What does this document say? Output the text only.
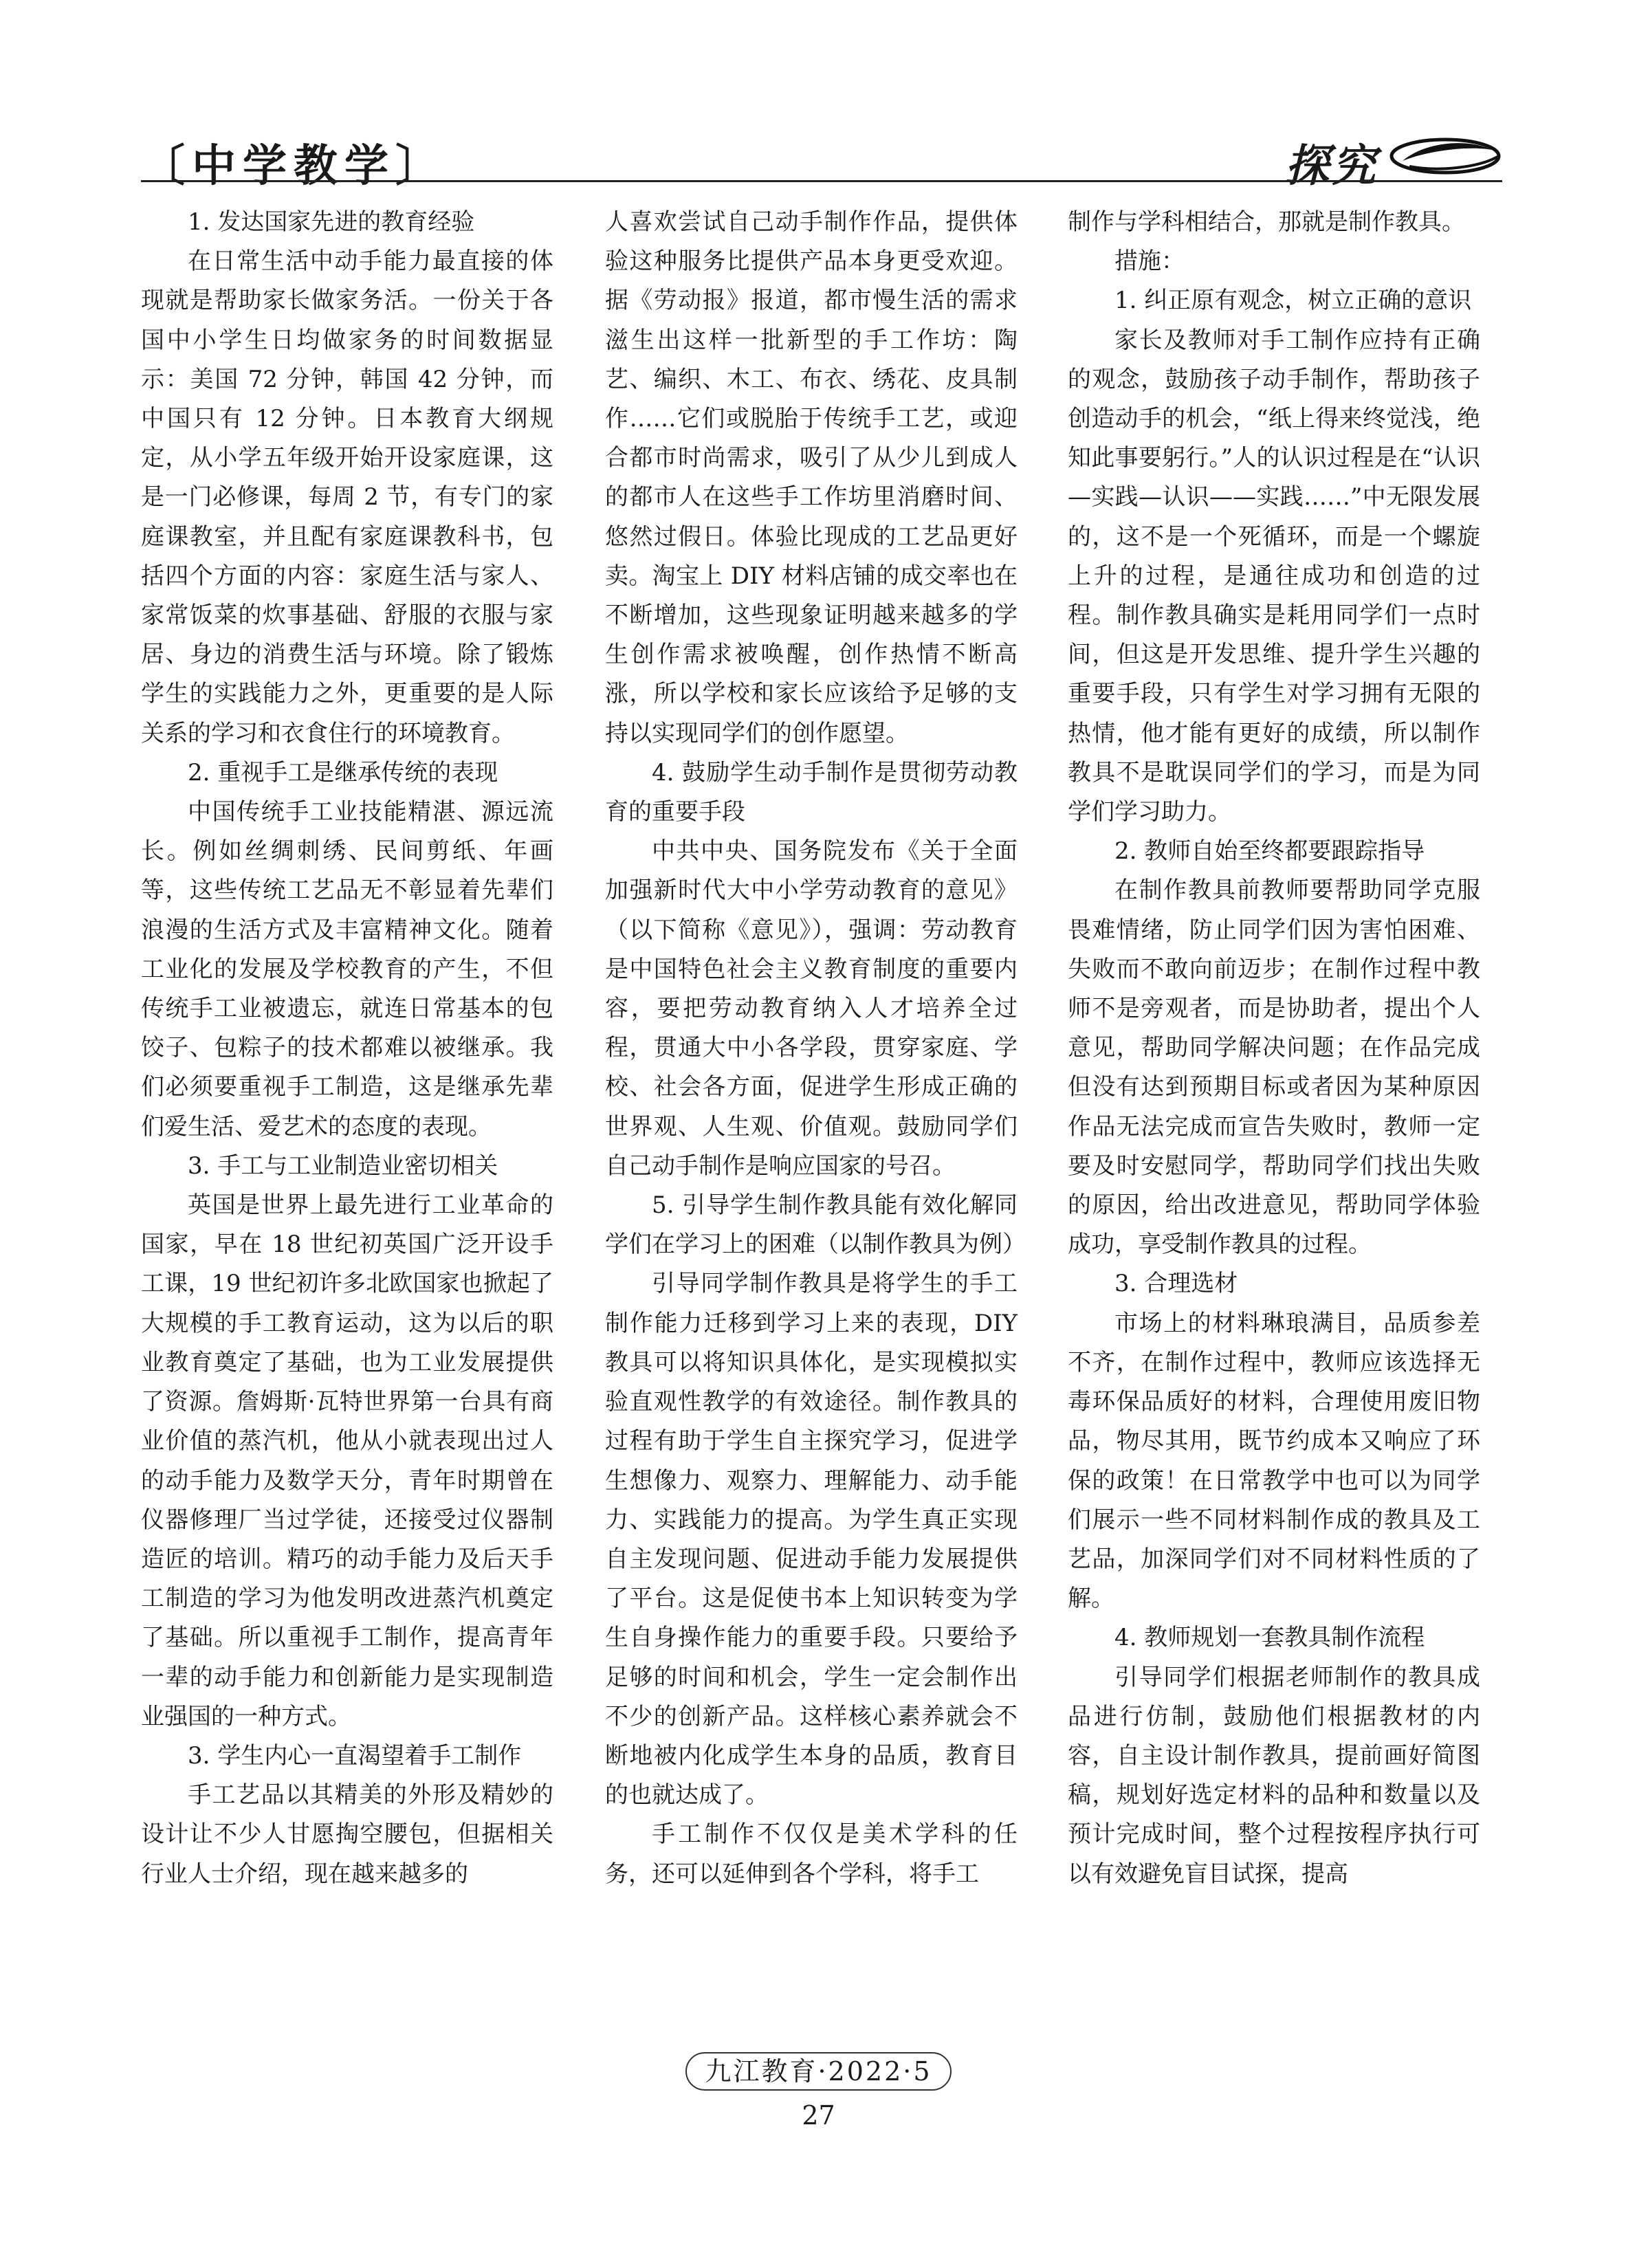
〔中学教学〕	探究

1. 发达国家先进的教育经验

在日常生活中动手能力最直接的体现就是帮助家长做家务活。一份关于各国中小学生日均做家务的时间数据显示：美国 72 分钟，韩国 42 分钟，而中国只有 12 分钟。日本教育大纲规定，从小学五年级开始开设家庭课，这是一门必修课，每周 2 节，有专门的家庭课教室，并且配有家庭课教科书，包括四个方面的内容：家庭生活与家人、家常饭菜的炊事基础、舒服的衣服与家居、身边的消费生活与环境。除了锻炼学生的实践能力之外，更重要的是人际关系的学习和衣食住行的环境教育。

2. 重视手工是继承传统的表现

中国传统手工业技能精湛、源远流长。例如丝绸刺绣、民间剪纸、年画等，这些传统工艺品无不彰显着先辈们浪漫的生活方式及丰富精神文化。随着工业化的发展及学校教育的产生，不但传统手工业被遗忘，就连日常基本的包饺子、包粽子的技术都难以被继承。我们必须要重视手工制造，这是继承先辈们爱生活、爱艺术的态度的表现。

3. 手工与工业制造业密切相关

英国是世界上最先进行工业革命的国家，早在 18 世纪初英国广泛开设手工课，19 世纪初许多北欧国家也掀起了大规模的手工教育运动，这为以后的职业教育奠定了基础，也为工业发展提供了资源。詹姆斯·瓦特世界第一台具有商业价值的蒸汽机，他从小就表现出过人的动手能力及数学天分，青年时期曾在仪器修理厂当过学徒，还接受过仪器制造匠的培训。精巧的动手能力及后天手工制造的学习为他发明改进蒸汽机奠定了基础。所以重视手工制作，提高青年一辈的动手能力和创新能力是实现制造业强国的一种方式。

3. 学生内心一直渴望着手工制作

手工艺品以其精美的外形及精妙的设计让不少人甘愿掏空腰包，但据相关行业人士介绍，现在越来越多的

人喜欢尝试自己动手制作作品，提供体验这种服务比提供产品本身更受欢迎。据《劳动报》报道，都市慢生活的需求滋生出这样一批新型的手工作坊：陶艺、编织、木工、布衣、绣花、皮具制作……它们或脱胎于传统手工艺，或迎合都市时尚需求，吸引了从少儿到成人的都市人在这些手工作坊里消磨时间、悠然过假日。体验比现成的工艺品更好卖。淘宝上 DIY 材料店铺的成交率也在不断增加，这些现象证明越来越多的学生创作需求被唤醒，创作热情不断高涨，所以学校和家长应该给予足够的支持以实现同学们的创作愿望。

4. 鼓励学生动手制作是贯彻劳动教育的重要手段

中共中央、国务院发布《关于全面加强新时代大中小学劳动教育的意见》（以下简称《意见》），强调：劳动教育是中国特色社会主义教育制度的重要内容，要把劳动教育纳入人才培养全过程，贯通大中小各学段，贯穿家庭、学校、社会各方面，促进学生形成正确的世界观、人生观、价值观。鼓励同学们自己动手制作是响应国家的号召。

5. 引导学生制作教具能有效化解同学们在学习上的困难（以制作教具为例）

引导同学制作教具是将学生的手工制作能力迁移到学习上来的表现，DIY 教具可以将知识具体化，是实现模拟实验直观性教学的有效途径。制作教具的过程有助于学生自主探究学习，促进学生想像力、观察力、理解能力、动手能力、实践能力的提高。为学生真正实现自主发现问题、促进动手能力发展提供了平台。这是促使书本上知识转变为学生自身操作能力的重要手段。只要给予足够的时间和机会，学生一定会制作出不少的创新产品。这样核心素养就会不断地被内化成学生本身的品质，教育目的也就达成了。

手工制作不仅仅是美术学科的任务，还可以延伸到各个学科，将手工

制作与学科相结合，那就是制作教具。

措施：

1. 纠正原有观念，树立正确的意识

家长及教师对手工制作应持有正确的观念，鼓励孩子动手制作，帮助孩子创造动手的机会，“纸上得来终觉浅，绝知此事要躬行。”人的认识过程是在“认识—实践—认识——实践……”中无限发展的，这不是一个死循环，而是一个螺旋上升的过程，是通往成功和创造的过程。制作教具确实是耗用同学们一点时间，但这是开发思维、提升学生兴趣的重要手段，只有学生对学习拥有无限的热情，他才能有更好的成绩，所以制作教具不是耽误同学们的学习，而是为同学们学习助力。

2. 教师自始至终都要跟踪指导

在制作教具前教师要帮助同学克服畏难情绪，防止同学们因为害怕困难、失败而不敢向前迈步；在制作过程中教师不是旁观者，而是协助者，提出个人意见，帮助同学解决问题；在作品完成但没有达到预期目标或者因为某种原因作品无法完成而宣告失败时，教师一定要及时安慰同学，帮助同学们找出失败的原因，给出改进意见，帮助同学体验成功，享受制作教具的过程。

3. 合理选材

市场上的材料琳琅满目，品质参差不齐，在制作过程中，教师应该选择无毒环保品质好的材料，合理使用废旧物品，物尽其用，既节约成本又响应了环保的政策！在日常教学中也可以为同学们展示一些不同材料制作成的教具及工艺品，加深同学们对不同材料性质的了解。

4. 教师规划一套教具制作流程

引导同学们根据老师制作的教具成品进行仿制，鼓励他们根据教材的内容，自主设计制作教具，提前画好简图稿，规划好选定材料的品种和数量以及预计完成时间，整个过程按程序执行可以有效避免盲目试探，提高

九江教育·2022·5
27
